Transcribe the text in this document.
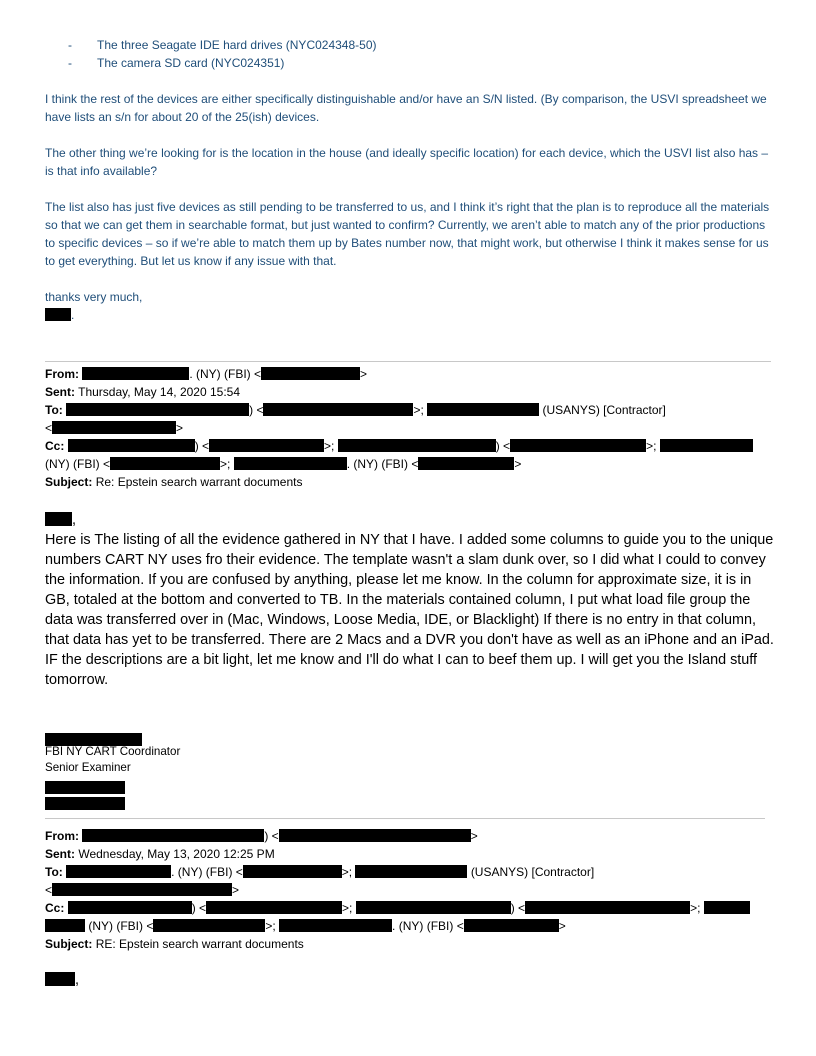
- The three Seagate IDE hard drives (NYC024348-50)
- The camera SD card (NYC024351)
I think the rest of the devices are either specifically distinguishable and/or have an S/N listed. (By comparison, the USVI spreadsheet we have lists an s/n for about 20 of the 25(ish) devices.
The other thing we’re looking for is the location in the house (and ideally specific location) for each device, which the USVI list also has – is that info available?
The list also has just five devices as still pending to be transferred to us, and I think it’s right that the plan is to reproduce all the materials so that we can get them in searchable format, but just wanted to confirm? Currently, we aren’t able to match any of the prior productions to specific devices – so if we’re able to match them up by Bates number now, that might work, but otherwise I think it makes sense for us to get everything. But let us know if any issue with that.
thanks very much,
.
From:	. (NY) (FBI) <	>
Sent: Thursday, May 14, 2020 15:54
To:	) <	>;	(USANYS) [Contractor]
<	>
Cc:	) <	>;	) <	>;
(NY) (FBI) <	>;	. (NY) (FBI) <	>
Subject: Re: Epstein search warrant documents
,
Here is The listing of all the evidence gathered in NY that I have. I added some columns to guide you to the unique numbers CART NY uses fro their evidence. The template wasn't a slam dunk over, so I did what I could to convey the information. If you are confused by anything, please let me know. In the column for approximate size, it is in GB, totaled at the bottom and converted to TB. In the materials contained column, I put what load file group the data was transferred over in (Mac, Windows, Loose Media, IDE, or Blacklight) If there is no entry in that column, that data has yet to be transferred. There are 2 Macs and a DVR you don't have as well as an iPhone and an iPad. IF the descriptions are a bit light, let me know and I'll do what I can to beef them up. I will get you the Island stuff tomorrow.
FBI NY CART Coordinator
Senior Examiner
From:	) <	>
Sent: Wednesday, May 13, 2020 12:25 PM
To:	. (NY) (FBI) <	>;	(USANYS) [Contractor]
<	>
Cc:	) <	>;	) <	>;
(NY) (FBI) <	>;	. (NY) (FBI) <	>
Subject: RE: Epstein search warrant documents
,
